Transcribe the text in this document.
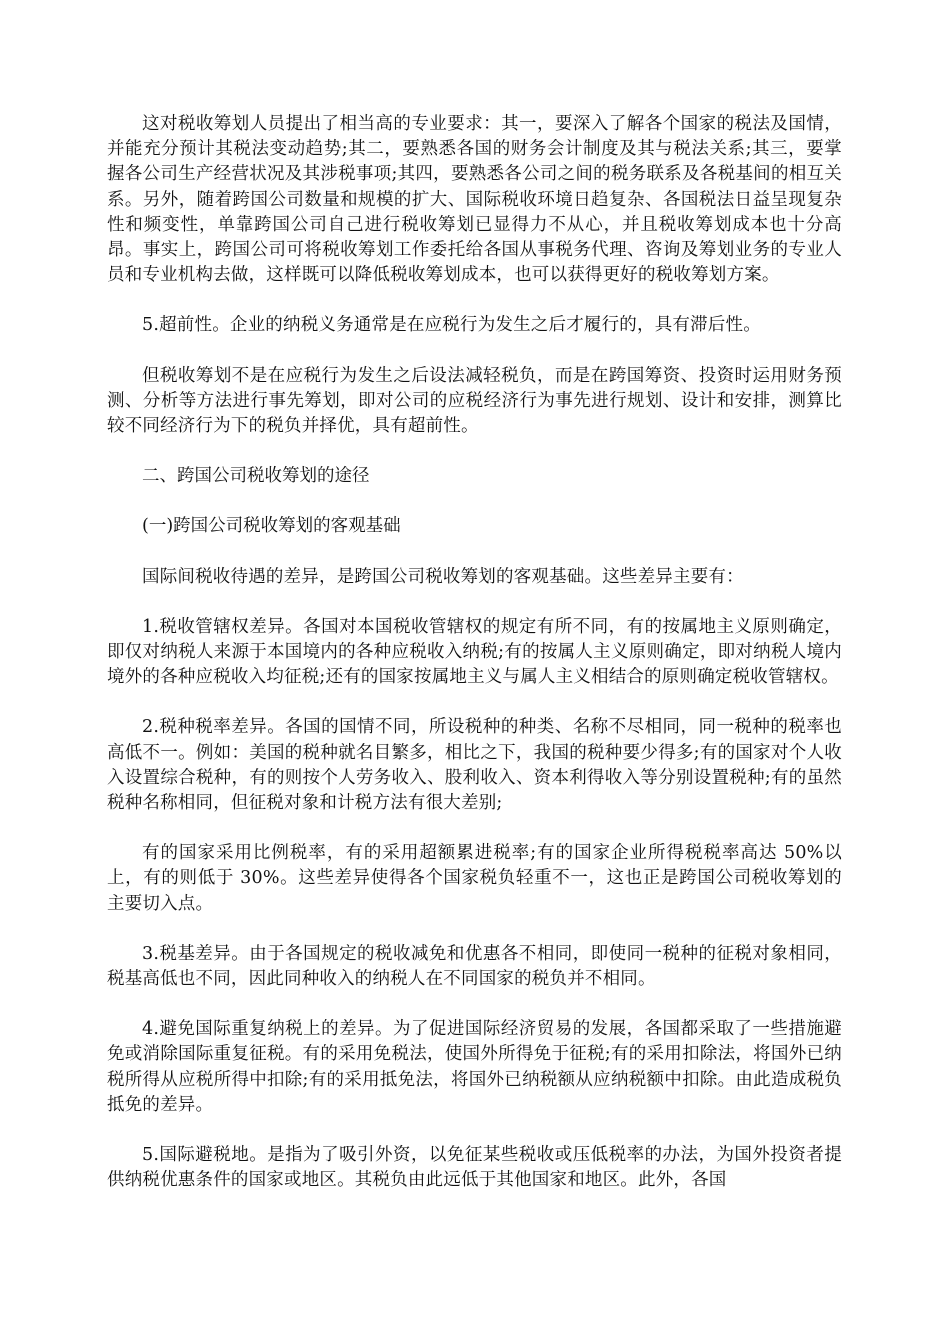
这对税收筹划人员提出了相当高的专业要求：其一，要深入了解各个国家的税法及国情，并能充分预计其税法变动趋势;其二，要熟悉各国的财务会计制度及其与税法关系;其三，要掌握各公司生产经营状况及其涉税事项;其四，要熟悉各公司之间的税务联系及各税基间的相互关系。另外，随着跨国公司数量和规模的扩大、国际税收环境日趋复杂、各国税法日益呈现复杂性和频变性，单靠跨国公司自己进行税收筹划已显得力不从心，并且税收筹划成本也十分高昂。事实上，跨国公司可将税收筹划工作委托给各国从事税务代理、咨询及筹划业务的专业人员和专业机构去做，这样既可以降低税收筹划成本，也可以获得更好的税收筹划方案。

5.超前性。企业的纳税义务通常是在应税行为发生之后才履行的，具有滞后性。

但税收筹划不是在应税行为发生之后设法减轻税负，而是在跨国筹资、投资时运用财务预测、分析等方法进行事先筹划，即对公司的应税经济行为事先进行规划、设计和安排，测算比较不同经济行为下的税负并择优，具有超前性。

二、跨国公司税收筹划的途径

(一)跨国公司税收筹划的客观基础

国际间税收待遇的差异，是跨国公司税收筹划的客观基础。这些差异主要有：

1.税收管辖权差异。各国对本国税收管辖权的规定有所不同，有的按属地主义原则确定，即仅对纳税人来源于本国境内的各种应税收入纳税;有的按属人主义原则确定，即对纳税人境内境外的各种应税收入均征税;还有的国家按属地主义与属人主义相结合的原则确定税收管辖权。

2.税种税率差异。各国的国情不同，所设税种的种类、名称不尽相同，同一税种的税率也高低不一。例如：美国的税种就名目繁多，相比之下，我国的税种要少得多;有的国家对个人收入设置综合税种，有的则按个人劳务收入、股利收入、资本利得收入等分别设置税种;有的虽然税种名称相同，但征税对象和计税方法有很大差别;

有的国家采用比例税率，有的采用超额累进税率;有的国家企业所得税税率高达 50%以上，有的则低于 30%。这些差异使得各个国家税负轻重不一，这也正是跨国公司税收筹划的主要切入点。

3.税基差异。由于各国规定的税收减免和优惠各不相同，即使同一税种的征税对象相同，税基高低也不同，因此同种收入的纳税人在不同国家的税负并不相同。

4.避免国际重复纳税上的差异。为了促进国际经济贸易的发展，各国都采取了一些措施避免或消除国际重复征税。有的采用免税法，使国外所得免于征税;有的采用扣除法，将国外已纳税所得从应税所得中扣除;有的采用抵免法，将国外已纳税额从应纳税额中扣除。由此造成税负抵免的差异。

5.国际避税地。是指为了吸引外资，以免征某些税收或压低税率的办法，为国外投资者提供纳税优惠条件的国家或地区。其税负由此远低于其他国家和地区。此外，各国
